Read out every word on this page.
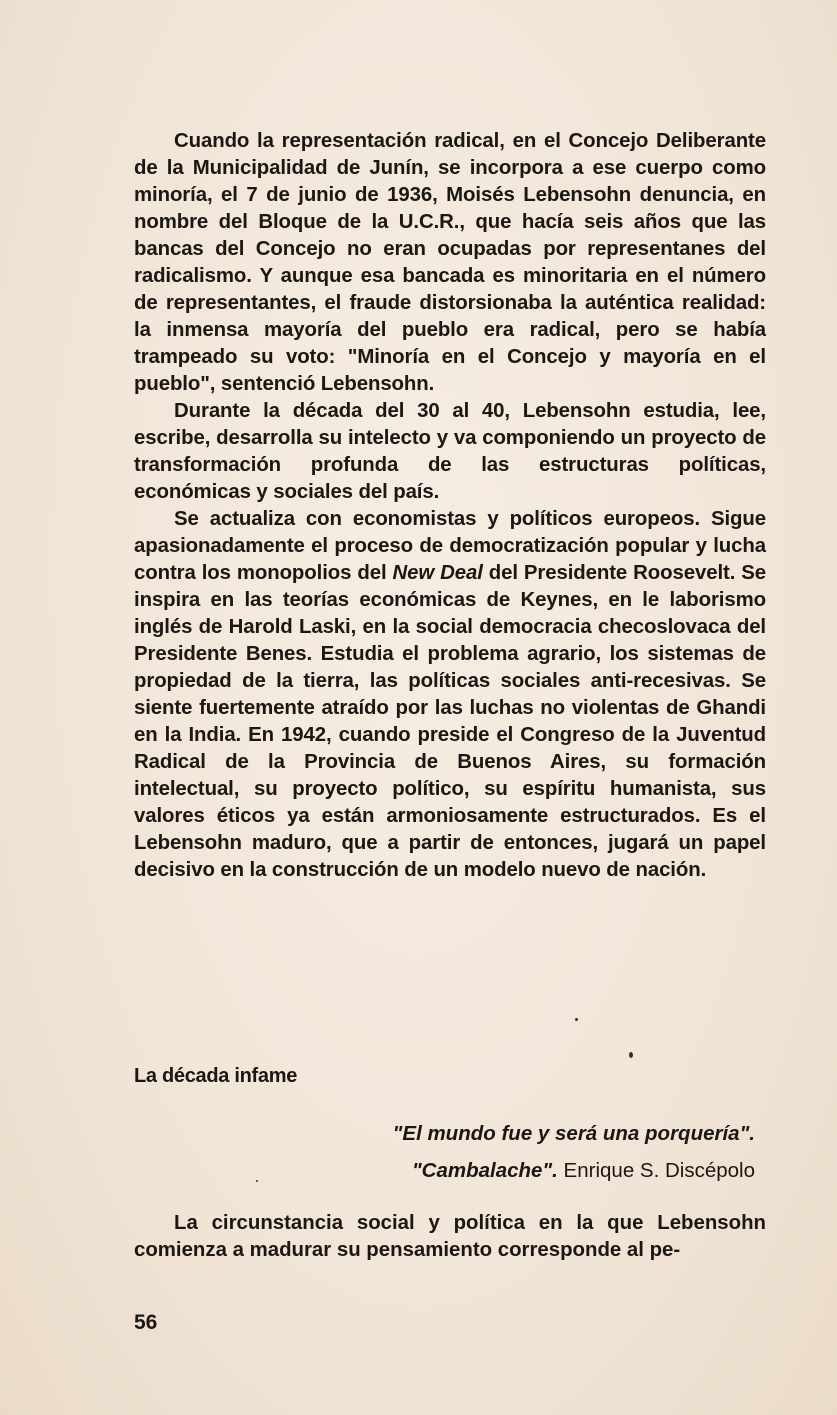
Cuando la representación radical, en el Concejo Deliberante de la Municipalidad de Junín, se incorpora a ese cuerpo como minoría, el 7 de junio de 1936, Moisés Lebensohn denuncia, en nombre del Bloque de la U.C.R., que hacía seis años que las bancas del Concejo no eran ocupadas por representanes del radicalismo. Y aunque esa bancada es minoritaria en el número de representantes, el fraude distorsionaba la auténtica realidad: la inmensa mayoría del pueblo era radical, pero se había trampeado su voto: "Minoría en el Concejo y mayoría en el pueblo", sentenció Lebensohn.

Durante la década del 30 al 40, Lebensohn estudia, lee, escribe, desarrolla su intelecto y va componiendo un proyecto de transformación profunda de las estructuras políticas, económicas y sociales del país.

Se actualiza con economistas y políticos europeos. Sigue apasionadamente el proceso de democratización popular y lucha contra los monopolios del New Deal del Presidente Roosevelt. Se inspira en las teorías económicas de Keynes, en le laborismo inglés de Harold Laski, en la social democracia checoslovaca del Presidente Benes. Estudia el problema agrario, los sistemas de propiedad de la tierra, las políticas sociales anti-recesivas. Se siente fuertemente atraído por las luchas no violentas de Ghandi en la India. En 1942, cuando preside el Congreso de la Juventud Radical de la Provincia de Buenos Aires, su formación intelectual, su proyecto político, su espíritu humanista, sus valores éticos ya están armoniosamente estructurados. Es el Lebensohn maduro, que a partir de entonces, jugará un papel decisivo en la construcción de un modelo nuevo de nación.

La década infame
"El mundo fue y será una porquería".
"Cambalache". Enrique S. Discépolo

La circunstancia social y política en la que Lebensohn comienza a madurar su pensamiento corresponde al pe-

56
